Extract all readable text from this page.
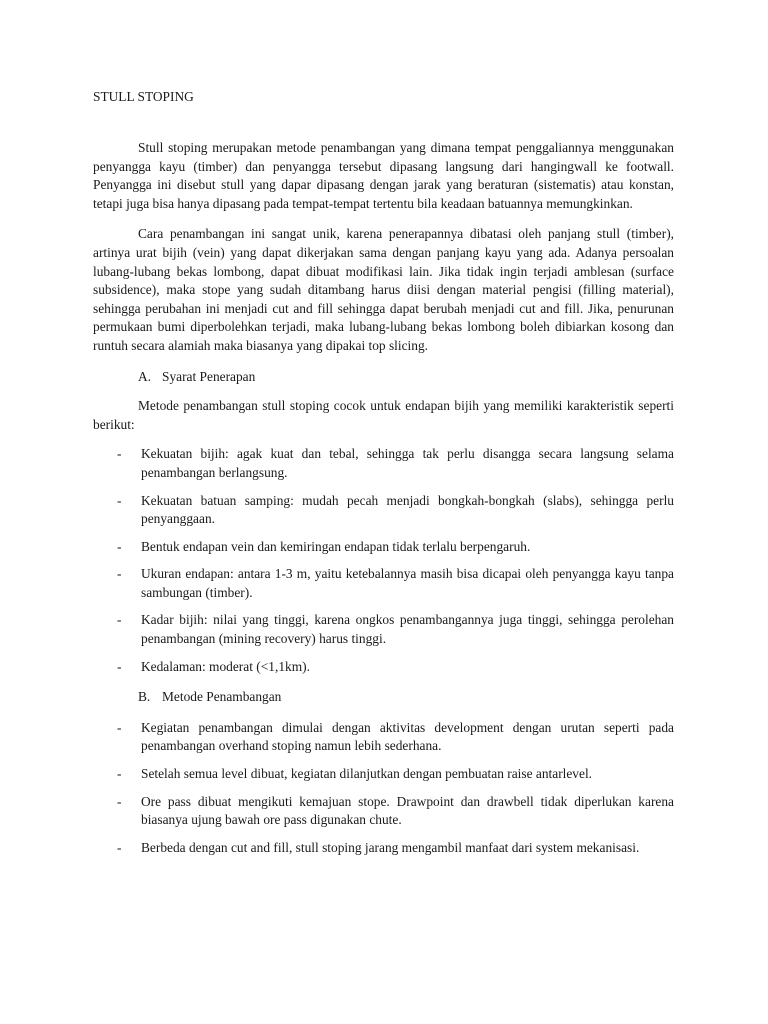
STULL STOPING

Stull stoping merupakan metode penambangan yang dimana tempat penggaliannya menggunakan penyangga kayu (timber) dan penyangga tersebut dipasang langsung dari hangingwall ke footwall. Penyangga ini disebut stull yang dapar dipasang dengan jarak yang beraturan (sistematis) atau konstan, tetapi juga bisa hanya dipasang pada tempat-tempat tertentu bila keadaan batuannya memungkinkan.

Cara penambangan ini sangat unik, karena penerapannya dibatasi oleh panjang stull (timber), artinya urat bijih (vein) yang dapat dikerjakan sama dengan panjang kayu yang ada. Adanya persoalan lubang-lubang bekas lombong, dapat dibuat modifikasi lain. Jika tidak ingin terjadi amblesan (surface subsidence), maka stope yang sudah ditambang harus diisi dengan material pengisi (filling material), sehingga perubahan ini menjadi cut and fill sehingga dapat berubah menjadi cut and fill. Jika, penurunan permukaan bumi diperbolehkan terjadi, maka lubang-lubang bekas lombong boleh dibiarkan kosong dan runtuh secara alamiah maka biasanya yang dipakai top slicing.

A. Syarat Penerapan

Metode penambangan stull stoping cocok untuk endapan bijih yang memiliki karakteristik seperti berikut:

- Kekuatan bijih: agak kuat dan tebal, sehingga tak perlu disangga secara langsung selama penambangan berlangsung.
- Kekuatan batuan samping: mudah pecah menjadi bongkah-bongkah (slabs), sehingga perlu penyanggaan.
- Bentuk endapan vein dan kemiringan endapan tidak terlalu berpengaruh.
- Ukuran endapan: antara 1-3 m, yaitu ketebalannya masih bisa dicapai oleh penyangga kayu tanpa sambungan (timber).
- Kadar bijih: nilai yang tinggi, karena ongkos penambangannya juga tinggi, sehingga perolehan penambangan (mining recovery) harus tinggi.
- Kedalaman: moderat (<1,1km).
B. Metode Penambangan
- Kegiatan penambangan dimulai dengan aktivitas development dengan urutan seperti pada penambangan overhand stoping namun lebih sederhana.
- Setelah semua level dibuat, kegiatan dilanjutkan dengan pembuatan raise antarlevel.
- Ore pass dibuat mengikuti kemajuan stope. Drawpoint dan drawbell tidak diperlukan karena biasanya ujung bawah ore pass digunakan chute.
- Berbeda dengan cut and fill, stull stoping jarang mengambil manfaat dari system mekanisasi.
